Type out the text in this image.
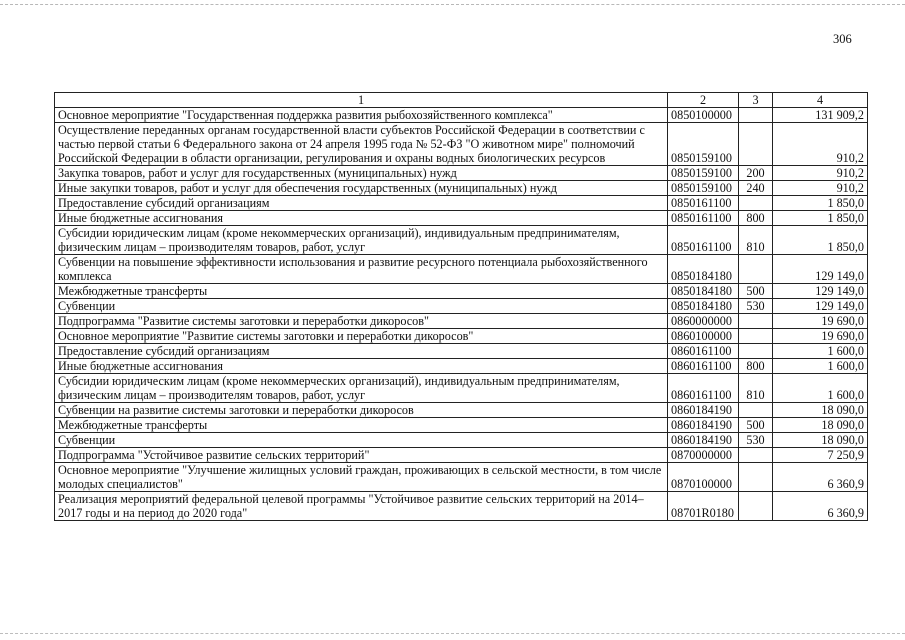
306
1	2	3	4
Основное мероприятие "Государственная поддержка развития рыбохозяйственного комплекса"	0850100000		131 909,2
Осуществление переданных органам государственной власти субъектов Российской Федерации в соответствии с частью первой статьи 6 Федерального закона от 24 апреля 1995 года № 52-ФЗ "О животном мире" полномочий Российской Федерации в области организации, регулирования и охраны водных биологических ресурсов	0850159100		910,2
Закупка товаров, работ и услуг для государственных (муниципальных) нужд	0850159100	200	910,2
Иные закупки товаров, работ и услуг для обеспечения государственных (муниципальных) нужд	0850159100	240	910,2
Предоставление субсидий организациям	0850161100		1 850,0
Иные бюджетные ассигнования	0850161100	800	1 850,0
Субсидии юридическим лицам (кроме некоммерческих организаций), индивидуальным предпринимателям, физическим лицам – производителям товаров, работ, услуг	0850161100	810	1 850,0
Субвенции на повышение эффективности использования и развитие ресурсного потенциала рыбохозяйственного комплекса	0850184180		129 149,0
Межбюджетные трансферты	0850184180	500	129 149,0
Субвенции	0850184180	530	129 149,0
Подпрограмма "Развитие системы заготовки и переработки дикоросов"	0860000000		19 690,0
Основное мероприятие "Развитие системы заготовки и переработки дикоросов"	0860100000		19 690,0
Предоставление субсидий организациям	0860161100		1 600,0
Иные бюджетные ассигнования	0860161100	800	1 600,0
Субсидии юридическим лицам (кроме некоммерческих организаций), индивидуальным предпринимателям, физическим лицам – производителям товаров, работ, услуг	0860161100	810	1 600,0
Субвенции на развитие системы заготовки и переработки дикоросов	0860184190		18 090,0
Межбюджетные трансферты	0860184190	500	18 090,0
Субвенции	0860184190	530	18 090,0
Подпрограмма "Устойчивое развитие сельских территорий"	0870000000		7 250,9
Основное мероприятие "Улучшение жилищных условий граждан, проживающих в сельской местности, в том числе молодых специалистов"	0870100000		6 360,9
Реализация мероприятий федеральной целевой программы "Устойчивое развитие сельских территорий на 2014–2017 годы и на период до 2020 года"	08701R0180		6 360,9
